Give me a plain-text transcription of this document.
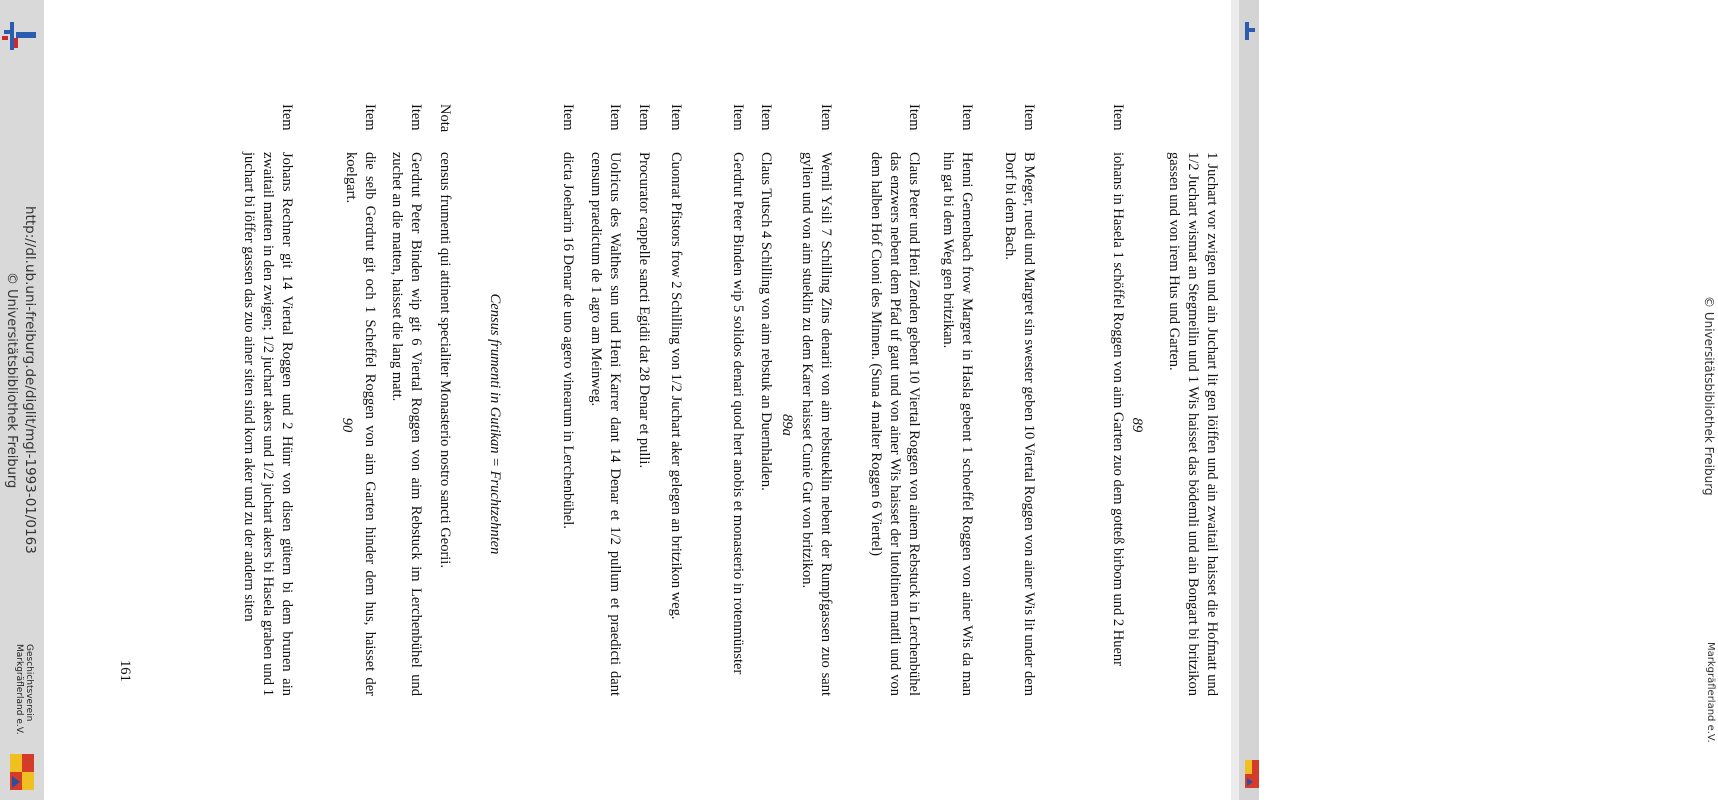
http://dl.ub.uni-freiburg.de/diglit/mgl-1993-01/0163
© Universitätsbibliothek Freiburg
Geschichtsverein
Markgräflerland e.V.
© Universitätsbibliothek Freiburg
Markgräflerland e.V.
1 Juchart vor zwigen und ain Juchart lit gen löiffen und ain zwaitail haisset die Hofmatt und 1/2 Juchart wismat an Stegmeilin und 1 Wis haisset das bödemli und ain Bongart bi britzikon gassen und von irem Hus und Garten.
89
Item
iohans in Hasela 1 schöffel Roggen von aim Garten zuo dem gotteß birbom und 2 Huenr
Item
B Meger, ruedi und Margret sin swester geben 10 Viertal Roggen von ainer Wis lit under dem Dorf bi dem Bach.
Item
Henni Gemenbach frow Margret in Hasla gebent 1 schoeffel Roggen von ainer Wis da man hin gat bi dem Weg gen britzikan.
Item
Claus Peter und Heni Zenden gebent 10 Viertal Roggen von ainem Rebstuck in Lerchenbühel das enzwers nebent dem Pfad uf gaut und von ainer Wis haisset der lutoltinen mattli und von dem halben Hof Cuoni des Minnen. (Suna 4 malter Roggen 6 Viertel)
Item
Wernli Ysili 7 Schilling Zins denarii von aim rebstueklin nebent der Rumpfgassen zuo sant gylien und von aim stueklin zu dem Karer haisset Cunie Gut von britzikon.
89a
Item
Claus Tutsch 4 Schilling von aim rebstuk an Duernhalden.
Item
Gerdrut Peter Binden wip 5 solidos denari quod hert anobis et monasterio in rotenmünster
Item
Cuonrat Pfistors frow 2 Schilling von 1/2 Juchart aker gelegen an britzikon weg.
Item
Procurator cappelle sancti Egidii dat 28 Denar et pulli.
Item
Uolricus des Walthes sun und Heni Karrer dant 14 Denar et 1/2 pullum et praedicti dant censum praedictum de 1 agro am Meinweg.
Item
dicta Joeharin 16 Denar de uno agero vinearum in Lerchenbühel.
Census frumenti in Gutikan = Fruchtzehnten
Nota
census frumenti qui attinent specialiter Monasterio nostro sancti Georii.
Item
Gerdrut Peter Binden wip git 6 Viertal Roggen von aim Rebstuck im Lerchenbühel und zuchet an die matten, haisset die lang matt.
Item
die selb Gerdrut git och 1 Scheffel Roggen von aim Garten hinder dem hus, haisset der koelgart.
90
Item
Johans Rechner git 14 Viertal Roggen und 2 Hünr von disen gütern bi dem brunen ain zwaitail matten in den zwigen; 1/2 juchart akers und 1/2 juchart akers bi Hasela graben und 1 juchart bi löffer gassen das zuo ainer siten sind korn aker und zu der andern siten
161
